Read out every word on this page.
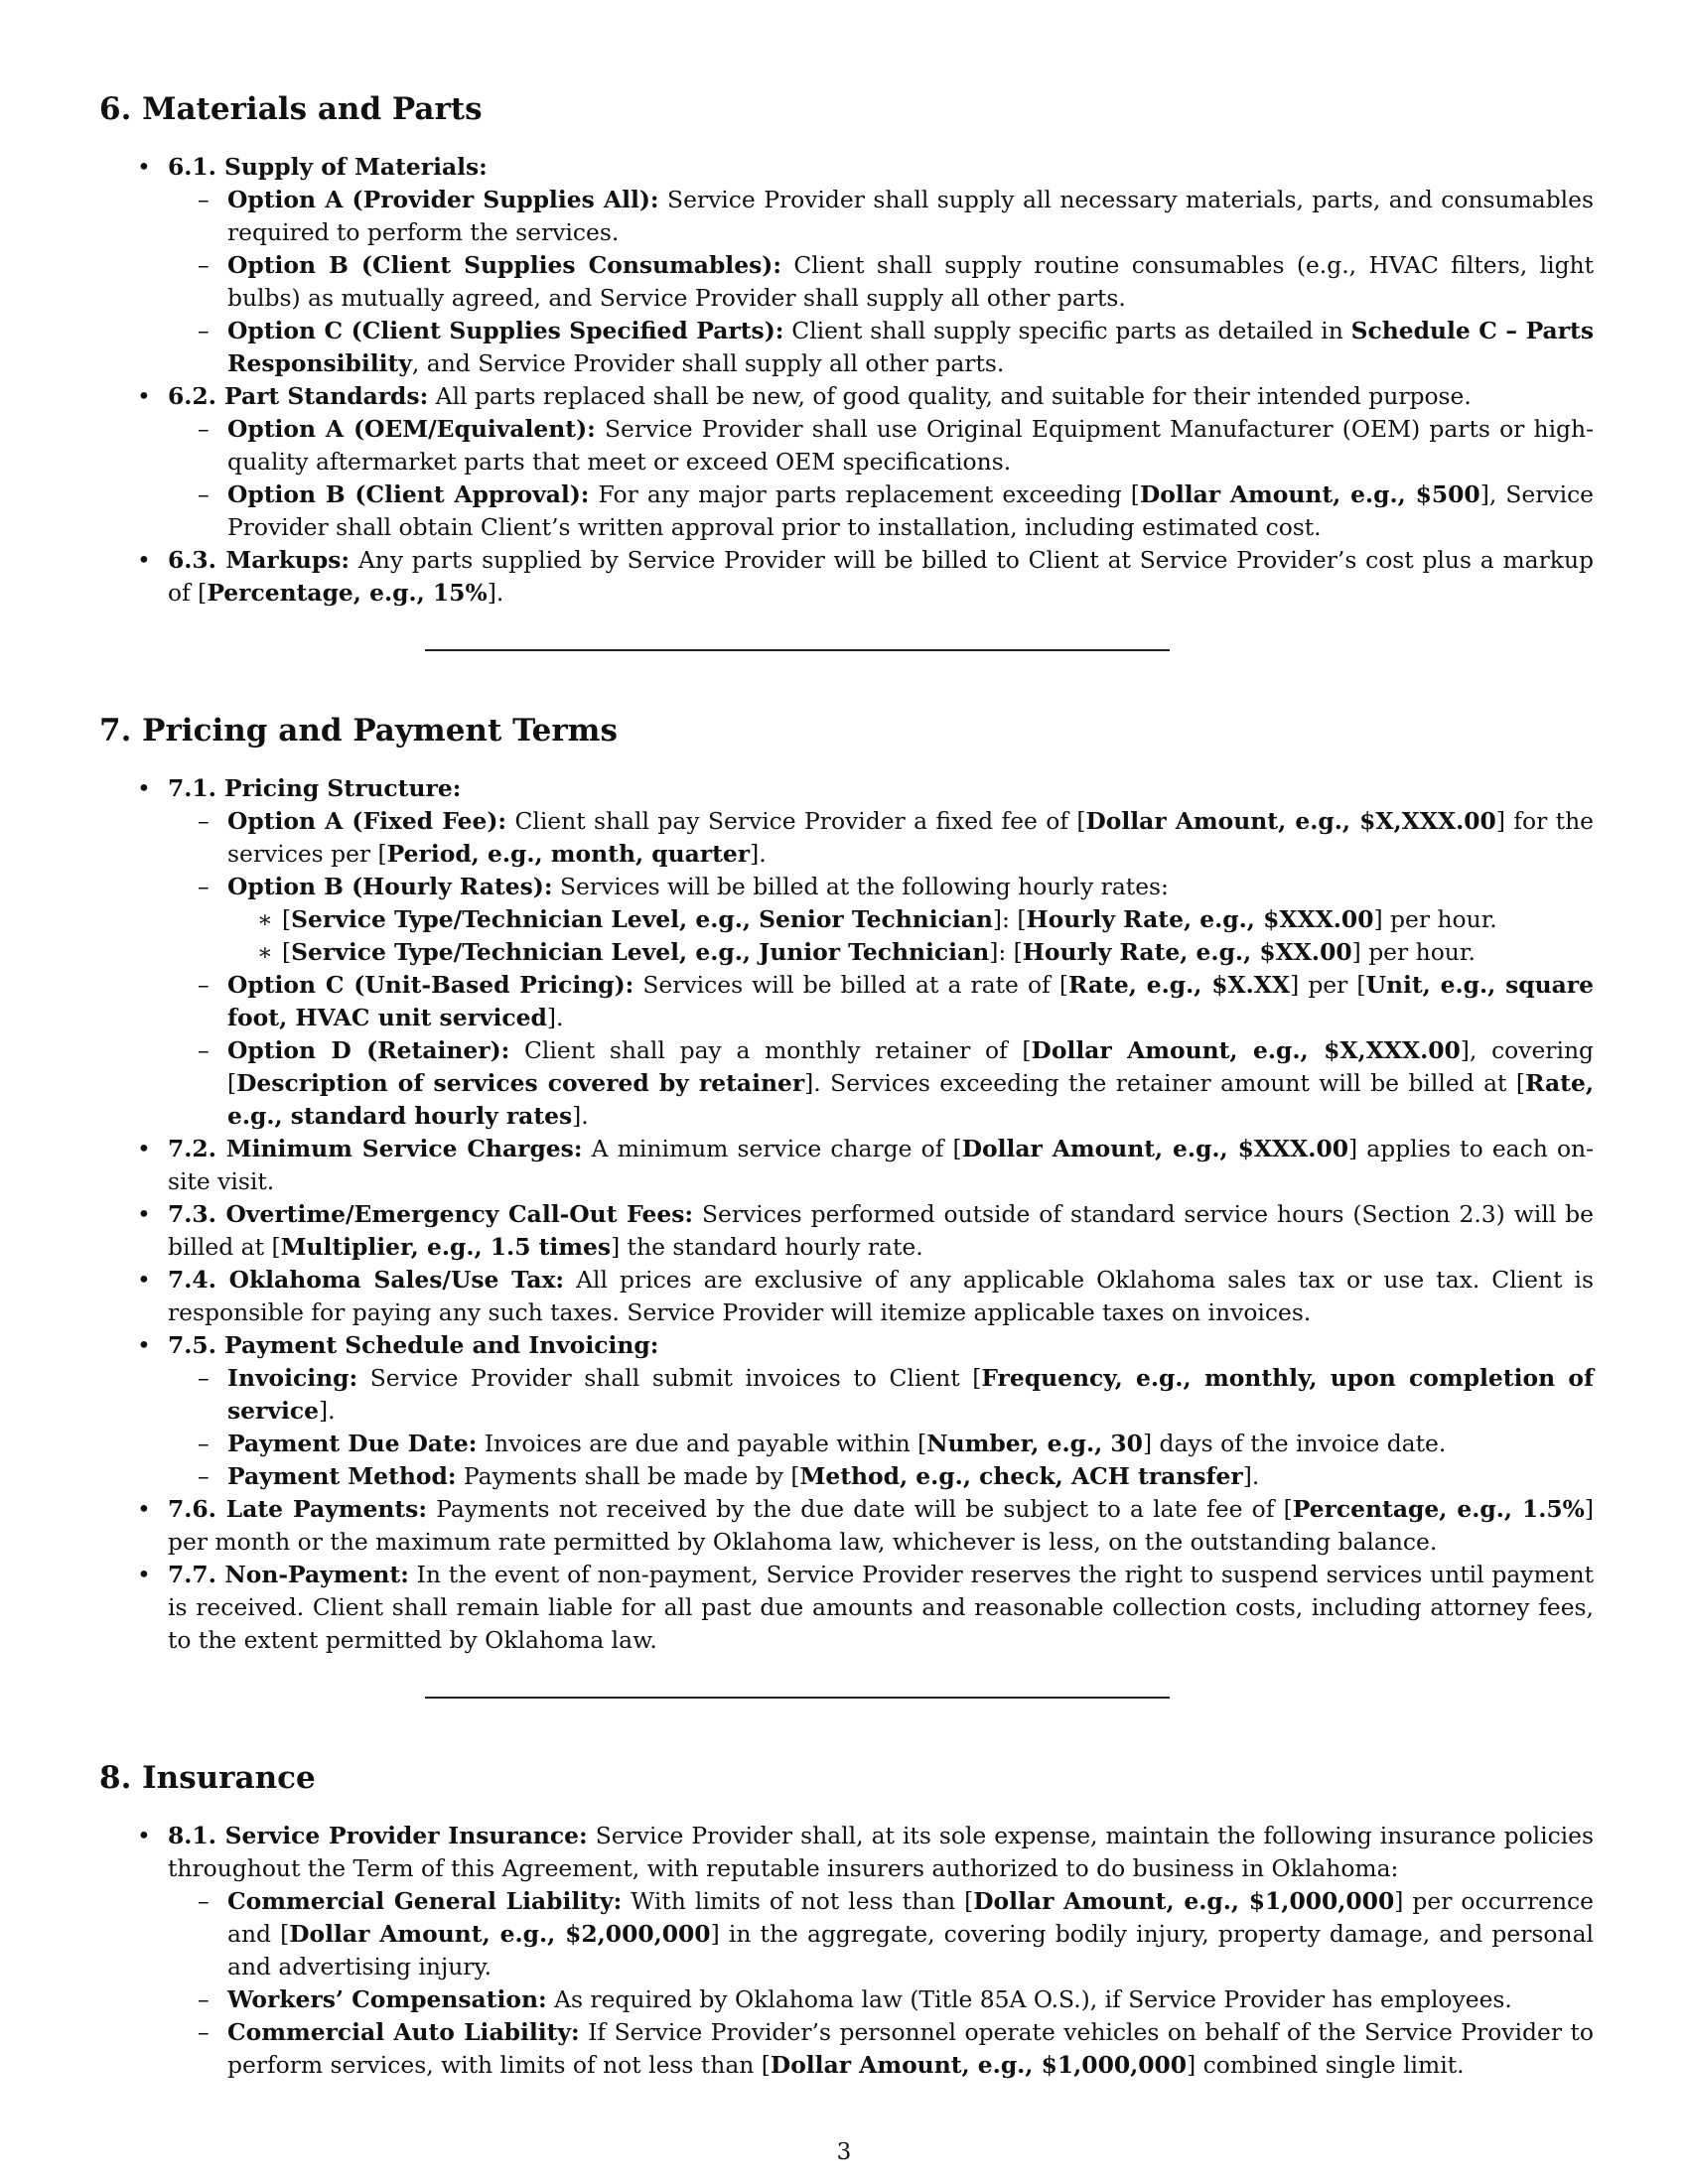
6. Materials and Parts
• 6.1. Supply of Materials:
– Option A (Provider Supplies All): Service Provider shall supply all necessary materials, parts, and consumables required to perform the services.
– Option B (Client Supplies Consumables): Client shall supply routine consumables (e.g., HVAC filters, light bulbs) as mutually agreed, and Service Provider shall supply all other parts.
– Option C (Client Supplies Specified Parts): Client shall supply specific parts as detailed in Schedule C – Parts Responsibility, and Service Provider shall supply all other parts.
• 6.2. Part Standards: All parts replaced shall be new, of good quality, and suitable for their intended purpose.
– Option A (OEM/Equivalent): Service Provider shall use Original Equipment Manufacturer (OEM) parts or high-quality aftermarket parts that meet or exceed OEM specifications.
– Option B (Client Approval): For any major parts replacement exceeding [Dollar Amount, e.g., $500], Service Provider shall obtain Client’s written approval prior to installation, including estimated cost.
• 6.3. Markups: Any parts supplied by Service Provider will be billed to Client at Service Provider’s cost plus a markup of [Percentage, e.g., 15%].
7. Pricing and Payment Terms
• 7.1. Pricing Structure:
– Option A (Fixed Fee): Client shall pay Service Provider a fixed fee of [Dollar Amount, e.g., $X,XXX.00] for the services per [Period, e.g., month, quarter].
– Option B (Hourly Rates): Services will be billed at the following hourly rates:
∗ [Service Type/Technician Level, e.g., Senior Technician]: [Hourly Rate, e.g., $XXX.00] per hour.
∗ [Service Type/Technician Level, e.g., Junior Technician]: [Hourly Rate, e.g., $XX.00] per hour.
– Option C (Unit-Based Pricing): Services will be billed at a rate of [Rate, e.g., $X.XX] per [Unit, e.g., square foot, HVAC unit serviced].
– Option D (Retainer): Client shall pay a monthly retainer of [Dollar Amount, e.g., $X,XXX.00], covering [Description of services covered by retainer]. Services exceeding the retainer amount will be billed at [Rate, e.g., standard hourly rates].
• 7.2. Minimum Service Charges: A minimum service charge of [Dollar Amount, e.g., $XXX.00] applies to each on-site visit.
• 7.3. Overtime/Emergency Call-Out Fees: Services performed outside of standard service hours (Section 2.3) will be billed at [Multiplier, e.g., 1.5 times] the standard hourly rate.
• 7.4. Oklahoma Sales/Use Tax: All prices are exclusive of any applicable Oklahoma sales tax or use tax. Client is responsible for paying any such taxes. Service Provider will itemize applicable taxes on invoices.
• 7.5. Payment Schedule and Invoicing:
– Invoicing: Service Provider shall submit invoices to Client [Frequency, e.g., monthly, upon completion of service].
– Payment Due Date: Invoices are due and payable within [Number, e.g., 30] days of the invoice date.
– Payment Method: Payments shall be made by [Method, e.g., check, ACH transfer].
• 7.6. Late Payments: Payments not received by the due date will be subject to a late fee of [Percentage, e.g., 1.5%] per month or the maximum rate permitted by Oklahoma law, whichever is less, on the outstanding balance.
• 7.7. Non-Payment: In the event of non-payment, Service Provider reserves the right to suspend services until payment is received. Client shall remain liable for all past due amounts and reasonable collection costs, including attorney fees, to the extent permitted by Oklahoma law.
8. Insurance
• 8.1. Service Provider Insurance: Service Provider shall, at its sole expense, maintain the following insurance policies throughout the Term of this Agreement, with reputable insurers authorized to do business in Oklahoma:
– Commercial General Liability: With limits of not less than [Dollar Amount, e.g., $1,000,000] per occurrence and [Dollar Amount, e.g., $2,000,000] in the aggregate, covering bodily injury, property damage, and personal and advertising injury.
– Workers’ Compensation: As required by Oklahoma law (Title 85A O.S.), if Service Provider has employees.
– Commercial Auto Liability: If Service Provider’s personnel operate vehicles on behalf of the Service Provider to perform services, with limits of not less than [Dollar Amount, e.g., $1,000,000] combined single limit.
3
